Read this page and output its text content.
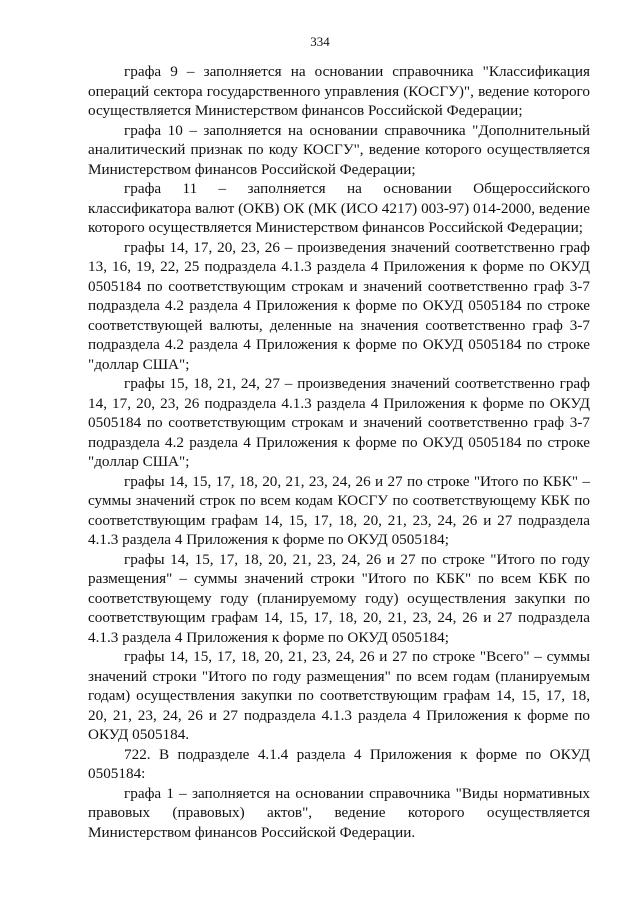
334

графа 9 – заполняется на основании справочника "Классификация операций сектора государственного управления (КОСГУ)", ведение которого осуществляется Министерством финансов Российской Федерации;

графа 10 – заполняется на основании справочника "Дополнительный аналитический признак по коду КОСГУ", ведение которого осуществляется Министерством финансов Российской Федерации;

графа 11 – заполняется на основании Общероссийского классификатора валют (ОКВ) ОК (МК (ИСО 4217) 003-97) 014-2000, ведение которого осуществляется Министерством финансов Российской Федерации;

графы 14, 17, 20, 23, 26 – произведения значений соответственно граф 13, 16, 19, 22, 25 подраздела 4.1.3 раздела 4 Приложения к форме по ОКУД 0505184 по соответствующим строкам и значений соответственно граф 3-7 подраздела 4.2 раздела 4 Приложения к форме по ОКУД 0505184 по строке соответствующей валюты, деленные на значения соответственно граф 3-7 подраздела 4.2 раздела 4 Приложения к форме по ОКУД 0505184 по строке "доллар США";

графы 15, 18, 21, 24, 27 – произведения значений соответственно граф 14, 17, 20, 23, 26 подраздела 4.1.3 раздела 4 Приложения к форме по ОКУД 0505184 по соответствующим строкам и значений соответственно граф 3-7 подраздела 4.2 раздела 4 Приложения к форме по ОКУД 0505184 по строке "доллар США";

графы 14, 15, 17, 18, 20, 21, 23, 24, 26 и 27 по строке "Итого по КБК" – суммы значений строк по всем кодам КОСГУ по соответствующему КБК по соответствующим графам 14, 15, 17, 18, 20, 21, 23, 24, 26 и 27 подраздела 4.1.3 раздела 4 Приложения к форме по ОКУД 0505184;

графы 14, 15, 17, 18, 20, 21, 23, 24, 26 и 27 по строке "Итого по году размещения" – суммы значений строки "Итого по КБК" по всем КБК по соответствующему году (планируемому году) осуществления закупки по соответствующим графам 14, 15, 17, 18, 20, 21, 23, 24, 26 и 27 подраздела 4.1.3 раздела 4 Приложения к форме по ОКУД 0505184;

графы 14, 15, 17, 18, 20, 21, 23, 24, 26 и 27 по строке "Всего" – суммы значений строки "Итого по году размещения" по всем годам (планируемым годам) осуществления закупки по соответствующим графам 14, 15, 17, 18, 20, 21, 23, 24, 26 и 27 подраздела 4.1.3 раздела 4 Приложения к форме по ОКУД 0505184.

722. В подразделе 4.1.4 раздела 4 Приложения к форме по ОКУД 0505184:

графа 1 – заполняется на основании справочника "Виды нормативных правовых (правовых) актов", ведение которого осуществляется Министерством финансов Российской Федерации.
